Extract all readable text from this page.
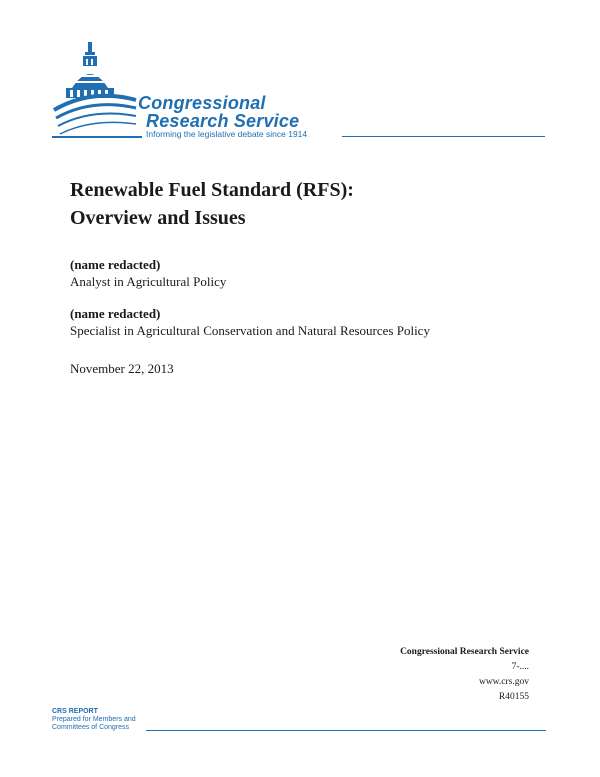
Congressional
Research Service
Informing the legislative debate since 1914
Renewable Fuel Standard (RFS):
Overview and Issues
(name redacted)
Analyst in Agricultural Policy
(name redacted)
Specialist in Agricultural Conservation and Natural Resources Policy
November 22, 2013
Congressional Research Service
7-....
www.crs.gov
R40155
CRS REPORT
Prepared for Members and
Committees of Congress
